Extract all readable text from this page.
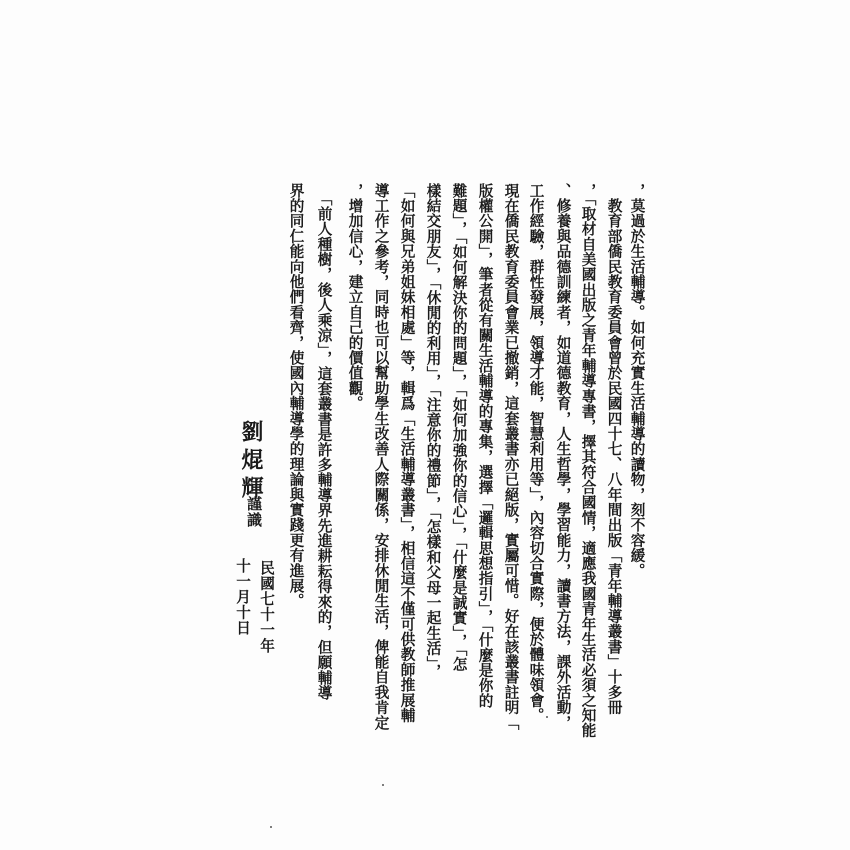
，莫過於生活輔導。如何充實生活輔導的讀物，刻不容緩。
　教育部僑民教育委員會曾於民國四十七、八年間出版「青年輔導叢書」十多冊
，「取材自美國出版之青年輔導專書，擇其符合國情，適應我國青年生活必須之知能
、修養與品德訓練者，如道德教育，人生哲學，學習能力，讀書方法，課外活動，
工作經驗，群性發展，領導才能，智慧利用等」，內容切合實際，便於體味領會。
現在僑民教育委員會業已撤銷，這套叢書亦已絕版，實屬可惜。好在該叢書註明「
版權公開」，筆者從有關生活輔導的專集，選擇「邏輯思想指引」，「什麼是你的
難題」，「如何解決你的問題」，「如何加強你的信心」，「什麼是誠實」，「怎
樣結交朋友」，「休閒的利用」，「注意你的禮節」，「怎樣和父母一起生活」，
「如何與兄弟姐妹相處」等，輯爲「生活輔導叢書」，相信這不僅可供教師推展輔
導工作之參考，同時也可以幫助學生改善人際關係，安排休閒生活，俾能自我肯定
，增加信心，建立自己的價值觀。
　「前人種樹，後人乘涼」，這套叢書是許多輔導界先進耕耘得來的，但願輔導
界的同仁能向他們看齊，使國內輔導學的理論與實踐更有進展。
民國七十一年
十一月十日
謹識
劉焜輝
